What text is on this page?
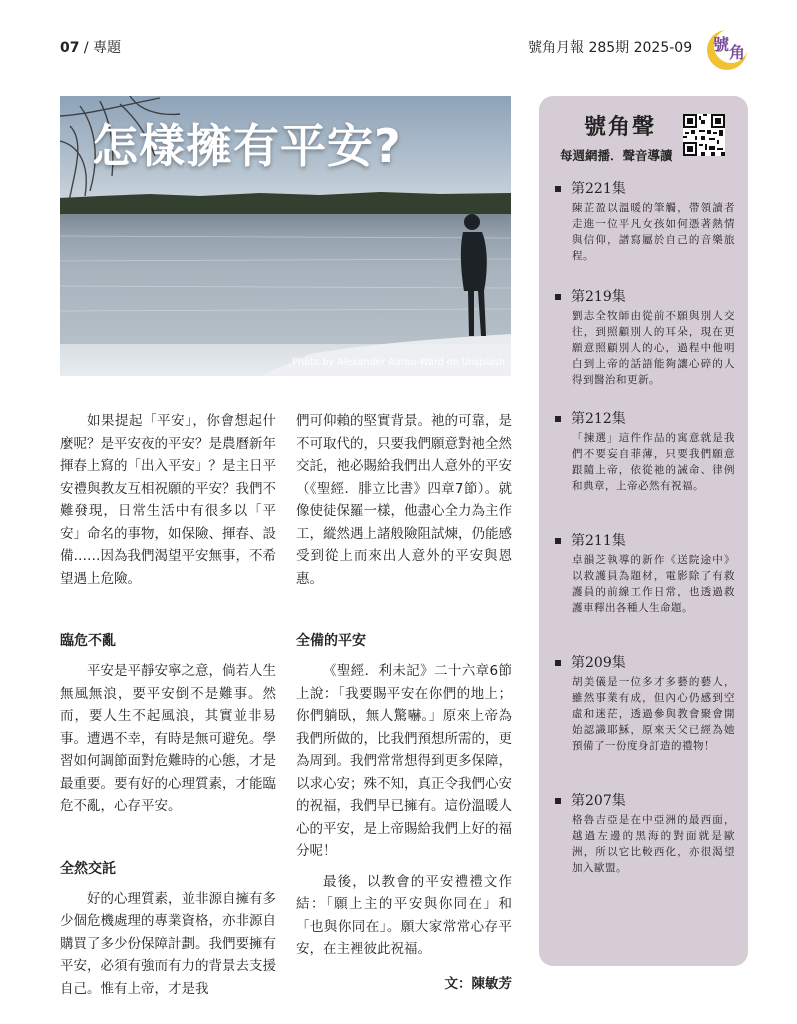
07 / 專題	號角月報 285期 2025-09 號 角
Photo by Alexander Aarao-Ward on Unsplash
怎樣擁有平安?

如果提起「平安」，你會想起什麼呢？是平安夜的平安？是農曆新年揮春上寫的「出入平安」？是主日平安禮與教友互相祝願的平安？我們不難發現，日常生活中有很多以「平安」命名的事物，如保險、揮春、設備……因為我們渴望平安無事，不希望遇上危險。

臨危不亂

平安是平靜安寧之意，倘若人生無風無浪，要平安倒不是難事。然而，要人生不起風浪，其實並非易事。遭遇不幸，有時是無可避免。學習如何調節面對危難時的心態，才是最重要。要有好的心理質素，才能臨危不亂，心存平安。

全然交託

好的心理質素，並非源自擁有多少個危機處理的專業資格，亦非源自購買了多少份保障計劃。我們要擁有平安，必須有強而有力的背景去支援自己。惟有上帝，才是我

們可仰賴的堅實背景。祂的可靠，是不可取代的，只要我們願意對祂全然交託，祂必賜給我們出人意外的平安（《聖經．腓立比書》四章7節）。就像使徒保羅一樣，他盡心全力為主作工，縱然遇上諸般險阻試煉，仍能感受到從上而來出人意外的平安與恩惠。

全備的平安

《聖經．利未記》二十六章6節上說：「我要賜平安在你們的地上；你們躺臥，無人驚嚇。」原來上帝為我們所做的，比我們預想所需的，更為周到。我們常常想得到更多保障，以求心安；殊不知，真正令我們心安的祝福，我們早已擁有。這份溫暖人心的平安，是上帝賜給我們上好的福分呢！

最後，以教會的平安禮禮文作結：「願上主的平安與你同在」和「也與你同在」。願大家常常心存平安，在主裡彼此祝福。

文：陳敏芳
號角聲
每週網播．聲音導讀
第221集
陳芷盈以溫暖的筆觸，帶領讀者走進一位平凡女孩如何憑著熱情與信仰，譜寫屬於自己的音樂旅程。
第219集
劉志全牧師由從前不願與別人交往，到照顧別人的耳朵，現在更願意照顧別人的心，過程中他明白到上帝的話語能夠讓心碎的人得到醫治和更新。
第212集
「揀選」這件作品的寓意就是我們不要妄自菲薄，只要我們願意跟隨上帝，依從祂的誡命、律例和典章，上帝必然有祝福。
第211集
卓韻芝執導的新作《送院途中》以救護員為題材，電影除了有救護員的前線工作日常，也透過救護車釋出各種人生命題。
第209集
胡美儀是一位多才多藝的藝人，雖然事業有成，但內心仍感到空虛和迷茫，透過參與教會聚會開始認識耶穌，原來天父已經為她預備了一份度身訂造的禮物！
第207集
格魯吉亞是在中亞洲的最西面，越過左邊的黑海的對面就是歐洲，所以它比較西化，亦很渴望加入歐盟。
